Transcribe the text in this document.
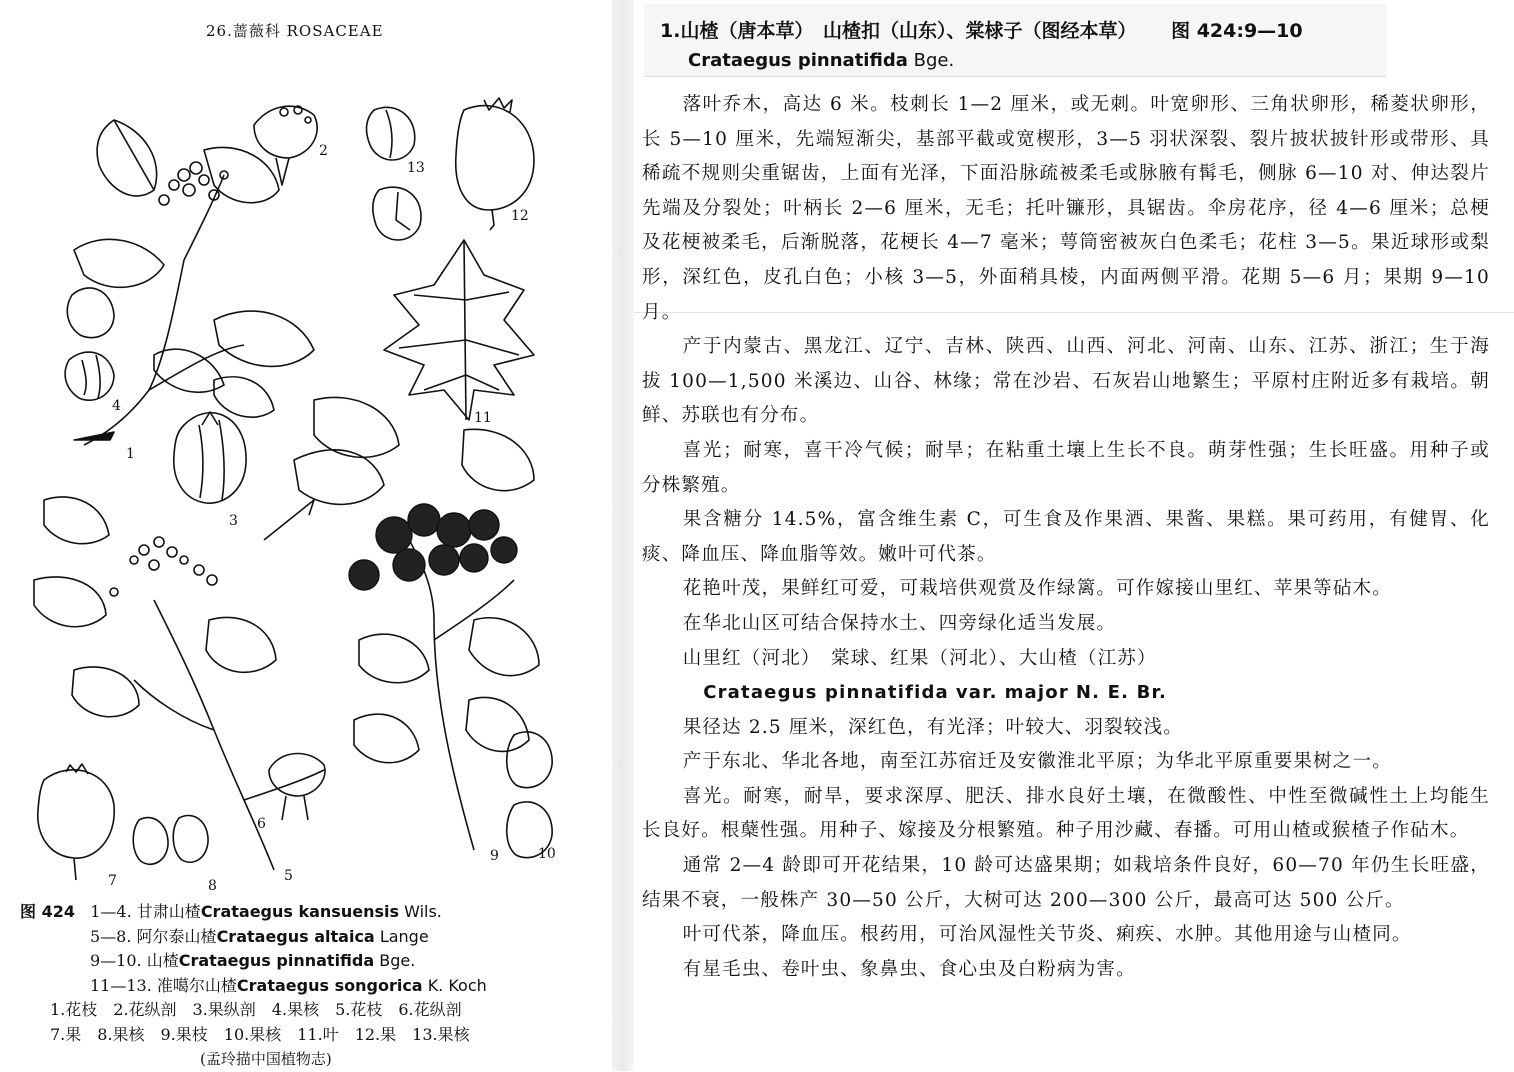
26.蔷薇科 ROSACEAE
1
2
3
4
5
6
7	8
9	10
11
12
13
图 424 1—4. 甘肃山楂Crataegus kansuensis Wils.
5—8. 阿尔泰山楂Crataegus altaica Lange
9—10. 山楂Crataegus pinnatifida Bge.
11—13. 准噶尔山楂Crataegus songorica K. Koch
1.花枝　2.花纵剖　3.果纵剖　4.果核　5.花枝　6.花纵剖
7.果　8.果核　9.果枝　10.果核　11.叶　12.果　13.果核
(孟玲描中国植物志)
1.山楂（唐本草）　山楂扣（山东）、棠梂子（图经本草） 图 424:9—10
Crataegus pinnatifida Bge.

落叶乔木，高达 6 米。枝刺长 1—2 厘米，或无刺。叶宽卵形、三角状卵形，稀菱状卵形，长 5—10 厘米，先端短渐尖，基部平截或宽楔形，3—5 羽状深裂、裂片披状披针形或带形、具稀疏不规则尖重锯齿，上面有光泽，下面沿脉疏被柔毛或脉腋有髯毛，侧脉 6—10 对、伸达裂片先端及分裂处；叶柄长 2—6 厘米，无毛；托叶镰形，具锯齿。伞房花序，径 4—6 厘米；总梗及花梗被柔毛，后渐脱落，花梗长 4—7 毫米；萼筒密被灰白色柔毛；花柱 3—5。果近球形或梨形，深红色，皮孔白色；小核 3—5，外面稍具棱，内面两侧平滑。花期 5—6 月；果期 9—10 月。

产于内蒙古、黑龙江、辽宁、吉林、陕西、山西、河北、河南、山东、江苏、浙江；生于海拔 100—1,500 米溪边、山谷、林缘；常在沙岩、石灰岩山地繁生；平原村庄附近多有栽培。朝鲜、苏联也有分布。

喜光；耐寒，喜干冷气候；耐旱；在粘重土壤上生长不良。萌芽性强；生长旺盛。用种子或分株繁殖。

果含糖分 14.5%，富含维生素 C，可生食及作果酒、果酱、果糕。果可药用，有健胃、化痰、降血压、降血脂等效。嫩叶可代茶。

花艳叶茂，果鲜红可爱，可栽培供观赏及作绿篱。可作嫁接山里红、苹果等砧木。

在华北山区可结合保持水土、四旁绿化适当发展。

山里红（河北）　棠球、红果（河北）、大山楂（江苏）

Crataegus pinnatifida var. major N. E. Br.

果径达 2.5 厘米，深红色，有光泽；叶较大、羽裂较浅。

产于东北、华北各地，南至江苏宿迁及安徽淮北平原；为华北平原重要果树之一。

喜光。耐寒，耐旱，要求深厚、肥沃、排水良好土壤，在微酸性、中性至微碱性土上均能生长良好。根蘖性强。用种子、嫁接及分根繁殖。种子用沙藏、春播。可用山楂或猴楂子作砧木。

通常 2—4 龄即可开花结果，10 龄可达盛果期；如栽培条件良好，60—70 年仍生长旺盛，结果不衰，一般株产 30—50 公斤，大树可达 200—300 公斤，最高可达 500 公斤。

叶可代茶，降血压。根药用，可治风湿性关节炎、痢疾、水肿。其他用途与山楂同。

有星毛虫、卷叶虫、象鼻虫、食心虫及白粉病为害。
